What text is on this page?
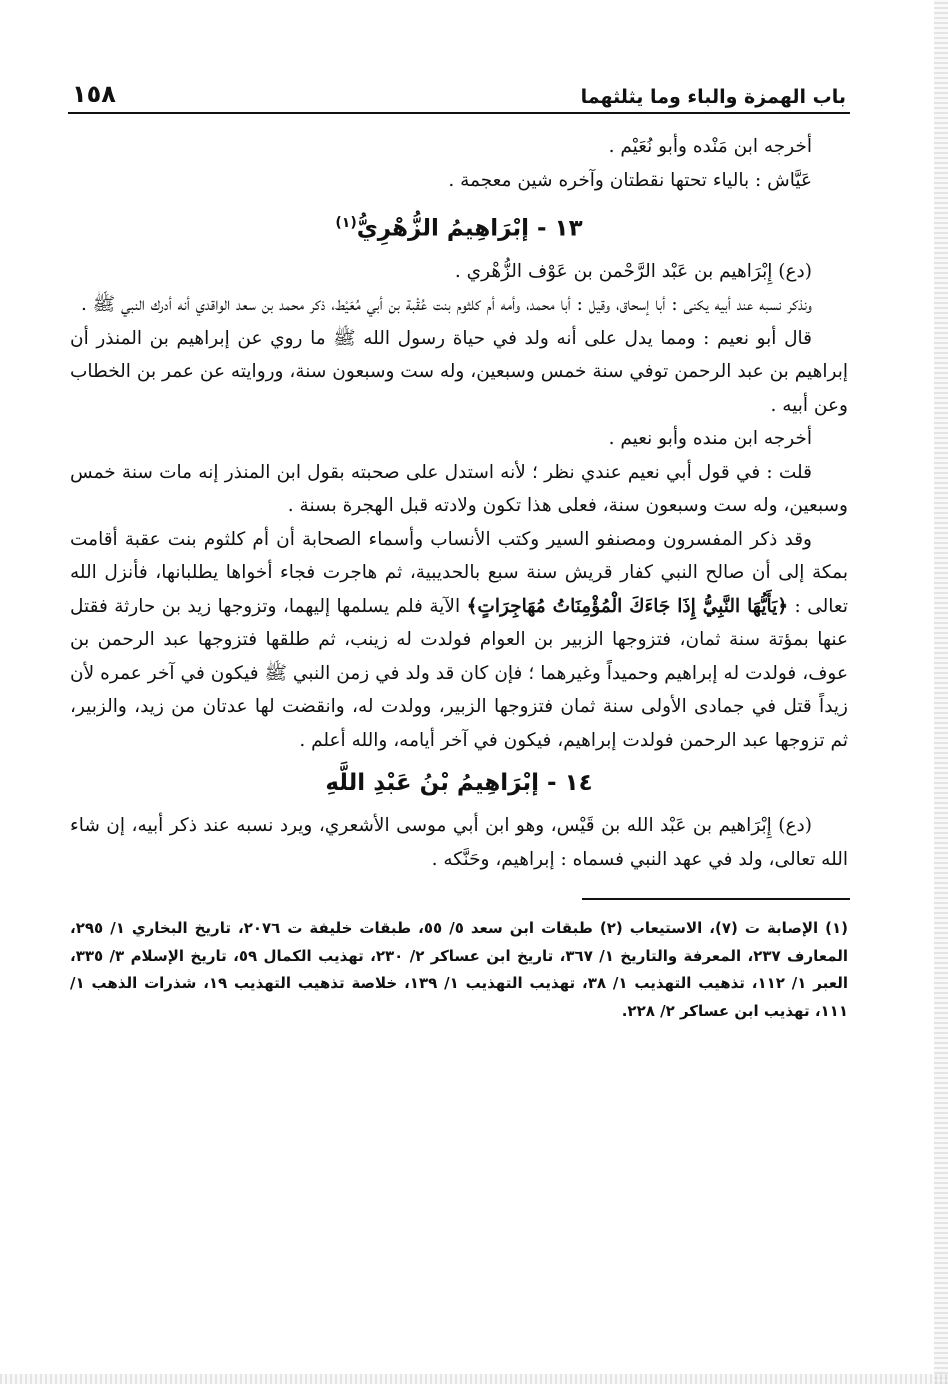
باب الهمزة والباء وما يثلثهما
١٥٨

أخرجه ابن مَنْده وأبو نُعَيْم .

عَيَّاش : بالياء تحتها نقطتان وآخره شين معجمة .

١٣ - إبْرَاهِيمُ الزُّهْرِيُّ$^{(١)}$

(دع) إِبْرَاهيم بن عَبْد الرَّحْمن بن عَوْف الزُّهْري .

ونذكر نسبه عند أبيه يكنى : أبا إسحاق، وقيل : أبا محمد، وأمه أم كلثوم بنت عُقْبة بن أبي مُعَيْط، ذكر محمد بن سعد الواقدي أنه أدرك النبي ﷺ .

قال أبو نعيم : ومما يدل على أنه ولد في حياة رسول الله ﷺ ما روي عن إبراهيم بن المنذر أن إبراهيم بن عبد الرحمن توفي سنة خمس وسبعين، وله ست وسبعون سنة، وروايته عن عمر بن الخطاب وعن أبيه .

أخرجه ابن منده وأبو نعيم .

قلت : في قول أبي نعيم عندي نظر ؛ لأنه استدل على صحبته بقول ابن المنذر إنه مات سنة خمس وسبعين، وله ست وسبعون سنة، فعلى هذا تكون ولادته قبل الهجرة بسنة .

وقد ذكر المفسرون ومصنفو السير وكتب الأنساب وأسماء الصحابة أن أم كلثوم بنت عقبة أقامت بمكة إلى أن صالح النبي كفار قريش سنة سبع بالحديبية، ثم هاجرت فجاء أخواها يطلبانها، فأنزل الله تعالى : ﴿يَأَيُّهَا النَّبِيُّ إِذَا جَاءَكَ الْمُؤْمِنَاتُ مُهَاجِرَاتٍ﴾ الآية فلم يسلمها إليهما، وتزوجها زيد بن حارثة فقتل عنها بمؤتة سنة ثمان، فتزوجها الزبير بن العوام فولدت له زينب، ثم طلقها فتزوجها عبد الرحمن بن عوف، فولدت له إبراهيم وحميداً وغيرهما ؛ فإن كان قد ولد في زمن النبي ﷺ فيكون في آخر عمره لأن زيداً قتل في جمادى الأولى سنة ثمان فتزوجها الزبير، وولدت له، وانقضت لها عدتان من زيد، والزبير، ثم تزوجها عبد الرحمن فولدت إبراهيم، فيكون في آخر أيامه، والله أعلم .

١٤ - إبْرَاهِيمُ بْنُ عَبْدِ اللَّهِ

(دع) إِبْرَاهيم بن عَبْد الله بن قَيْس، وهو ابن أبي موسى الأشعري، ويرد نسبه عند ذكر أبيه، إن شاء الله تعالى، ولد في عهد النبي فسماه : إبراهيم، وحَنَّكه .

(١) الإصابة ت (٧)، الاستيعاب (٢) طبقات ابن سعد ٥/ ٥٥، طبقات خليفة ت ٢٠٧٦، تاريخ البخاري ١/ ٢٩٥، المعارف ٢٣٧، المعرفة والتاريخ ١/ ٣٦٧، تاريخ ابن عساكر ٢/ ٢٣٠، تهذيب الكمال ٥٩، تاريخ الإسلام ٣/ ٣٣٥، العبر ١/ ١١٢، تذهيب التهذيب ١/ ٣٨، تهذيب التهذيب ١/ ١٣٩، خلاصة تذهيب التهذيب ١٩، شذرات الذهب ١/ ١١١، تهذيب ابن عساكر ٢/ ٢٢٨.
